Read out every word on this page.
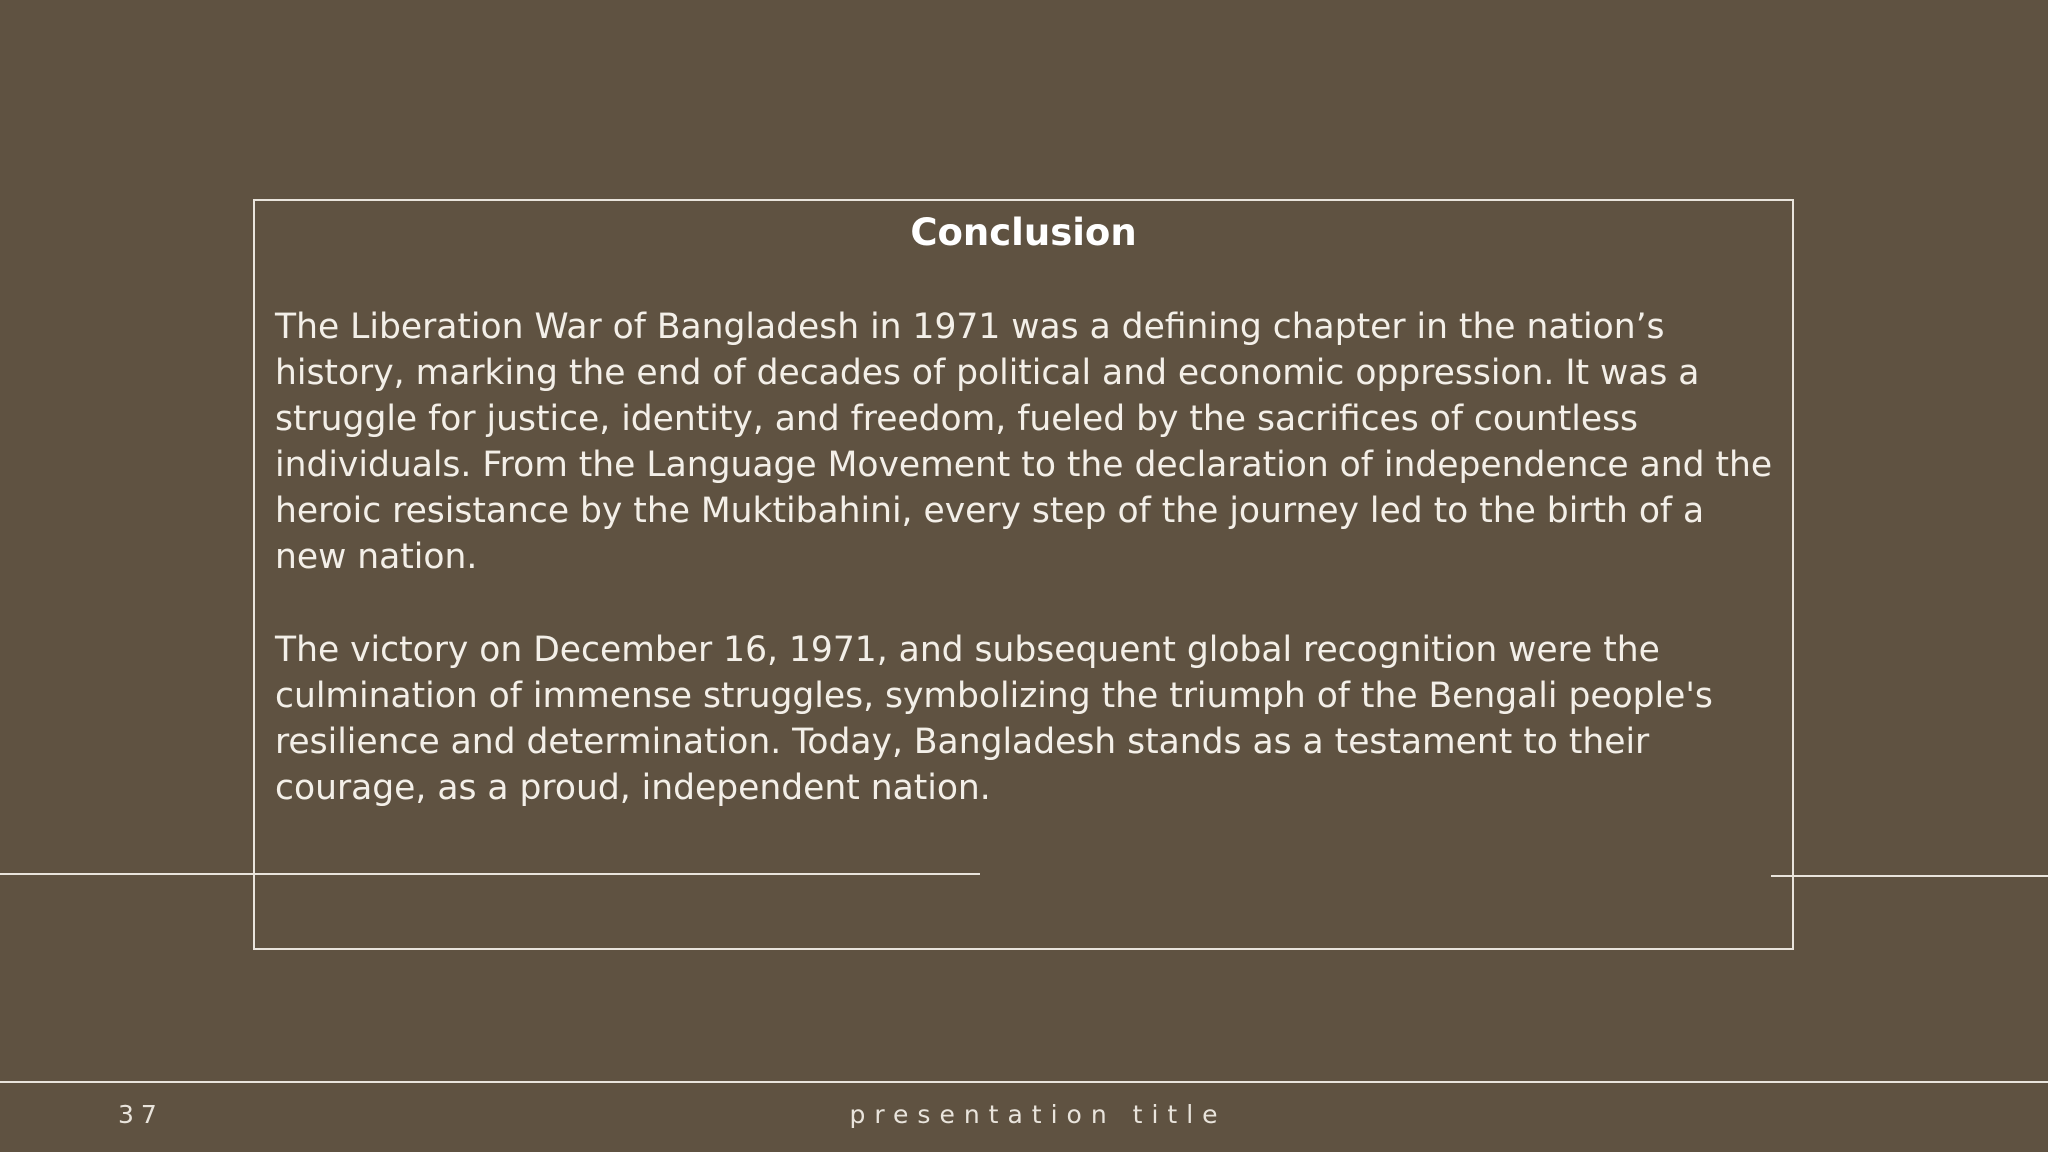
Conclusion

The Liberation War of Bangladesh in 1971 was a defining chapter in the nation’s history, marking the end of decades of political and economic oppression. It was a struggle for justice, identity, and freedom, fueled by the sacrifices of countless individuals. From the Language Movement to the declaration of independence and the heroic resistance by the Muktibahini, every step of the journey led to the birth of a new nation.

The victory on December 16, 1971, and subsequent global recognition were the culmination of immense struggles, symbolizing the triumph of the Bengali people's resilience and determination. Today, Bangladesh stands as a testament to their courage, as a proud, independent nation.

37	presentation title
